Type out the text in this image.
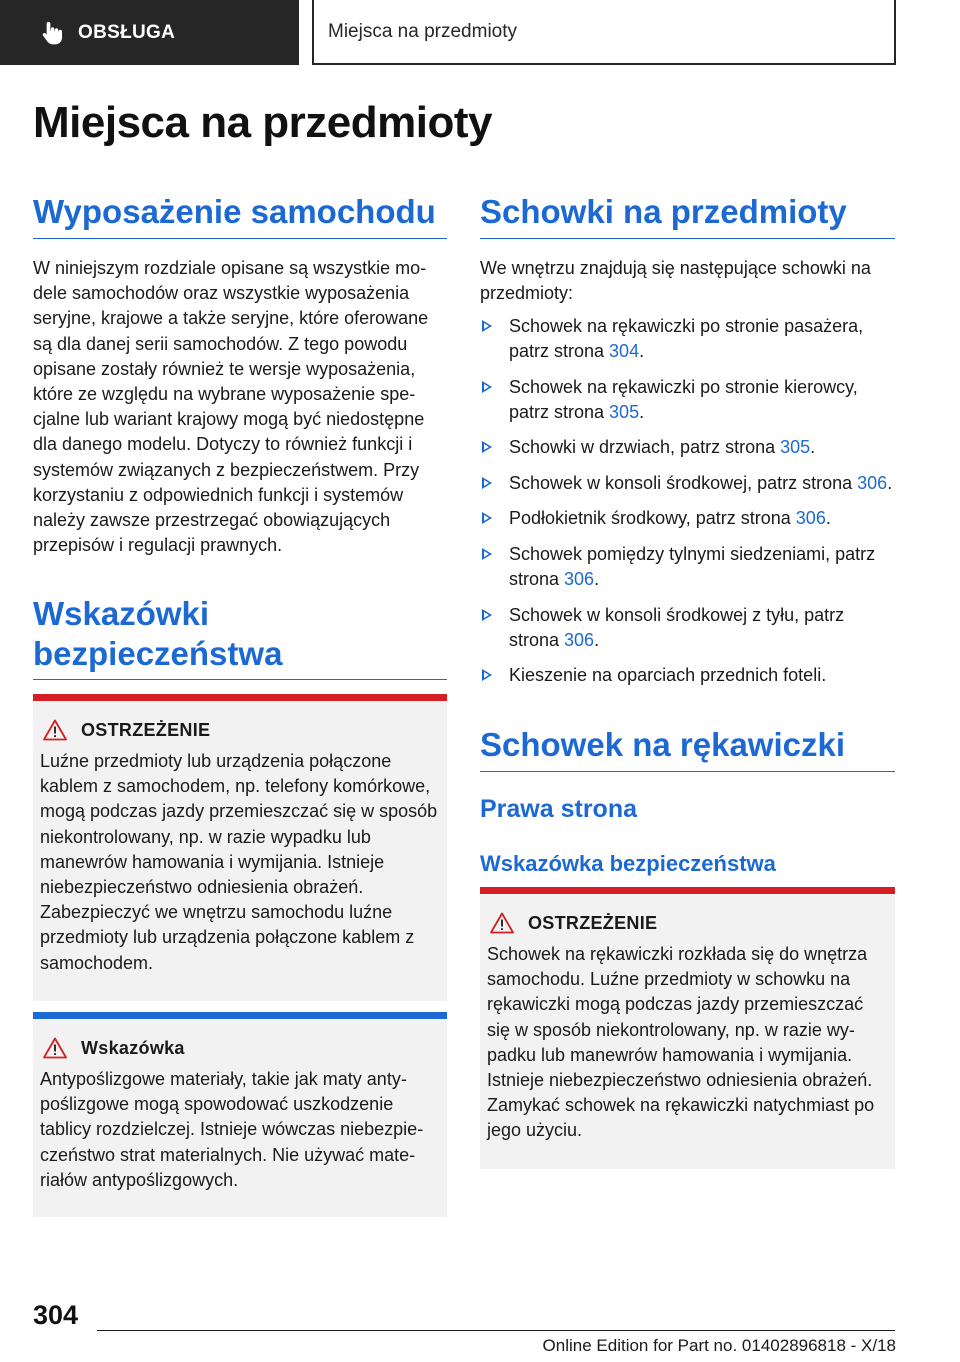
OBSŁUGA	Miejsca na przedmioty
Miejsca na przedmioty
Wyposażenie samochodu

W niniejszym rozdziale opisane są wszystkie modele samochodów oraz wszystkie wyposażenia seryjne, krajowe a także seryjne, które oferowane są dla danej serii samochodów. Z tego powodu opisane zostały również te wersje wyposażenia, które ze względu na wybrane wyposażenie specjalne lub wariant krajowy mogą być niedostępne dla danego modelu. Dotyczy to również funkcji i systemów związanych z bezpieczeństwem. Przy korzystaniu z odpowiednich funkcji i systemów należy zawsze przestrzegać obowiązujących przepisów i regulacji prawnych.

Wskazówki
bezpieczeństwa
OSTRZEŻENIE

Luźne przedmioty lub urządzenia połączone kablem z samochodem, np. telefony komórkowe, mogą podczas jazdy przemieszczać się w sposób niekontrolowany, np. w razie wypadku lub manewrów hamowania i wymijania. Istnieje niebezpieczeństwo odniesienia obrażeń. Zabezpieczyć we wnętrzu samochodu luźne przedmioty lub urządzenia połączone kablem z samochodem.

Wskazówka

Antypoślizgowe materiały, takie jak maty antypoślizgowe mogą spowodować uszkodzenie tablicy rozdzielczej. Istnieje wówczas niebezpieczeństwo strat materialnych. Nie używać materiałów antypoślizgowych.

Schowki na przedmioty

We wnętrzu znajdują się następujące schowki na przedmioty:

Schowek na rękawiczki po stronie pasażera, patrz strona 304.
Schowek na rękawiczki po stronie kierowcy, patrz strona 305.
Schowki w drzwiach, patrz strona 305.
Schowek w konsoli środkowej, patrz strona 306.
Podłokietnik środkowy, patrz strona 306.
Schowek pomiędzy tylnymi siedzeniami, patrz strona 306.
Schowek w konsoli środkowej z tyłu, patrz strona 306.
Kieszenie na oparciach przednich foteli.
Schowek na rękawiczki
Prawa strona
Wskazówka bezpieczeństwa
OSTRZEŻENIE

Schowek na rękawiczki rozkłada się do wnętrza samochodu. Luźne przedmioty w schowku na rękawiczki mogą podczas jazdy przemieszczać się w sposób niekontrolowany, np. w razie wypadku lub manewrów hamowania i wymijania. Istnieje niebezpieczeństwo odniesienia obrażeń. Zamykać schowek na rękawiczki natychmiast po jego użyciu.

304
Online Edition for Part no. 01402896818 - X/18
